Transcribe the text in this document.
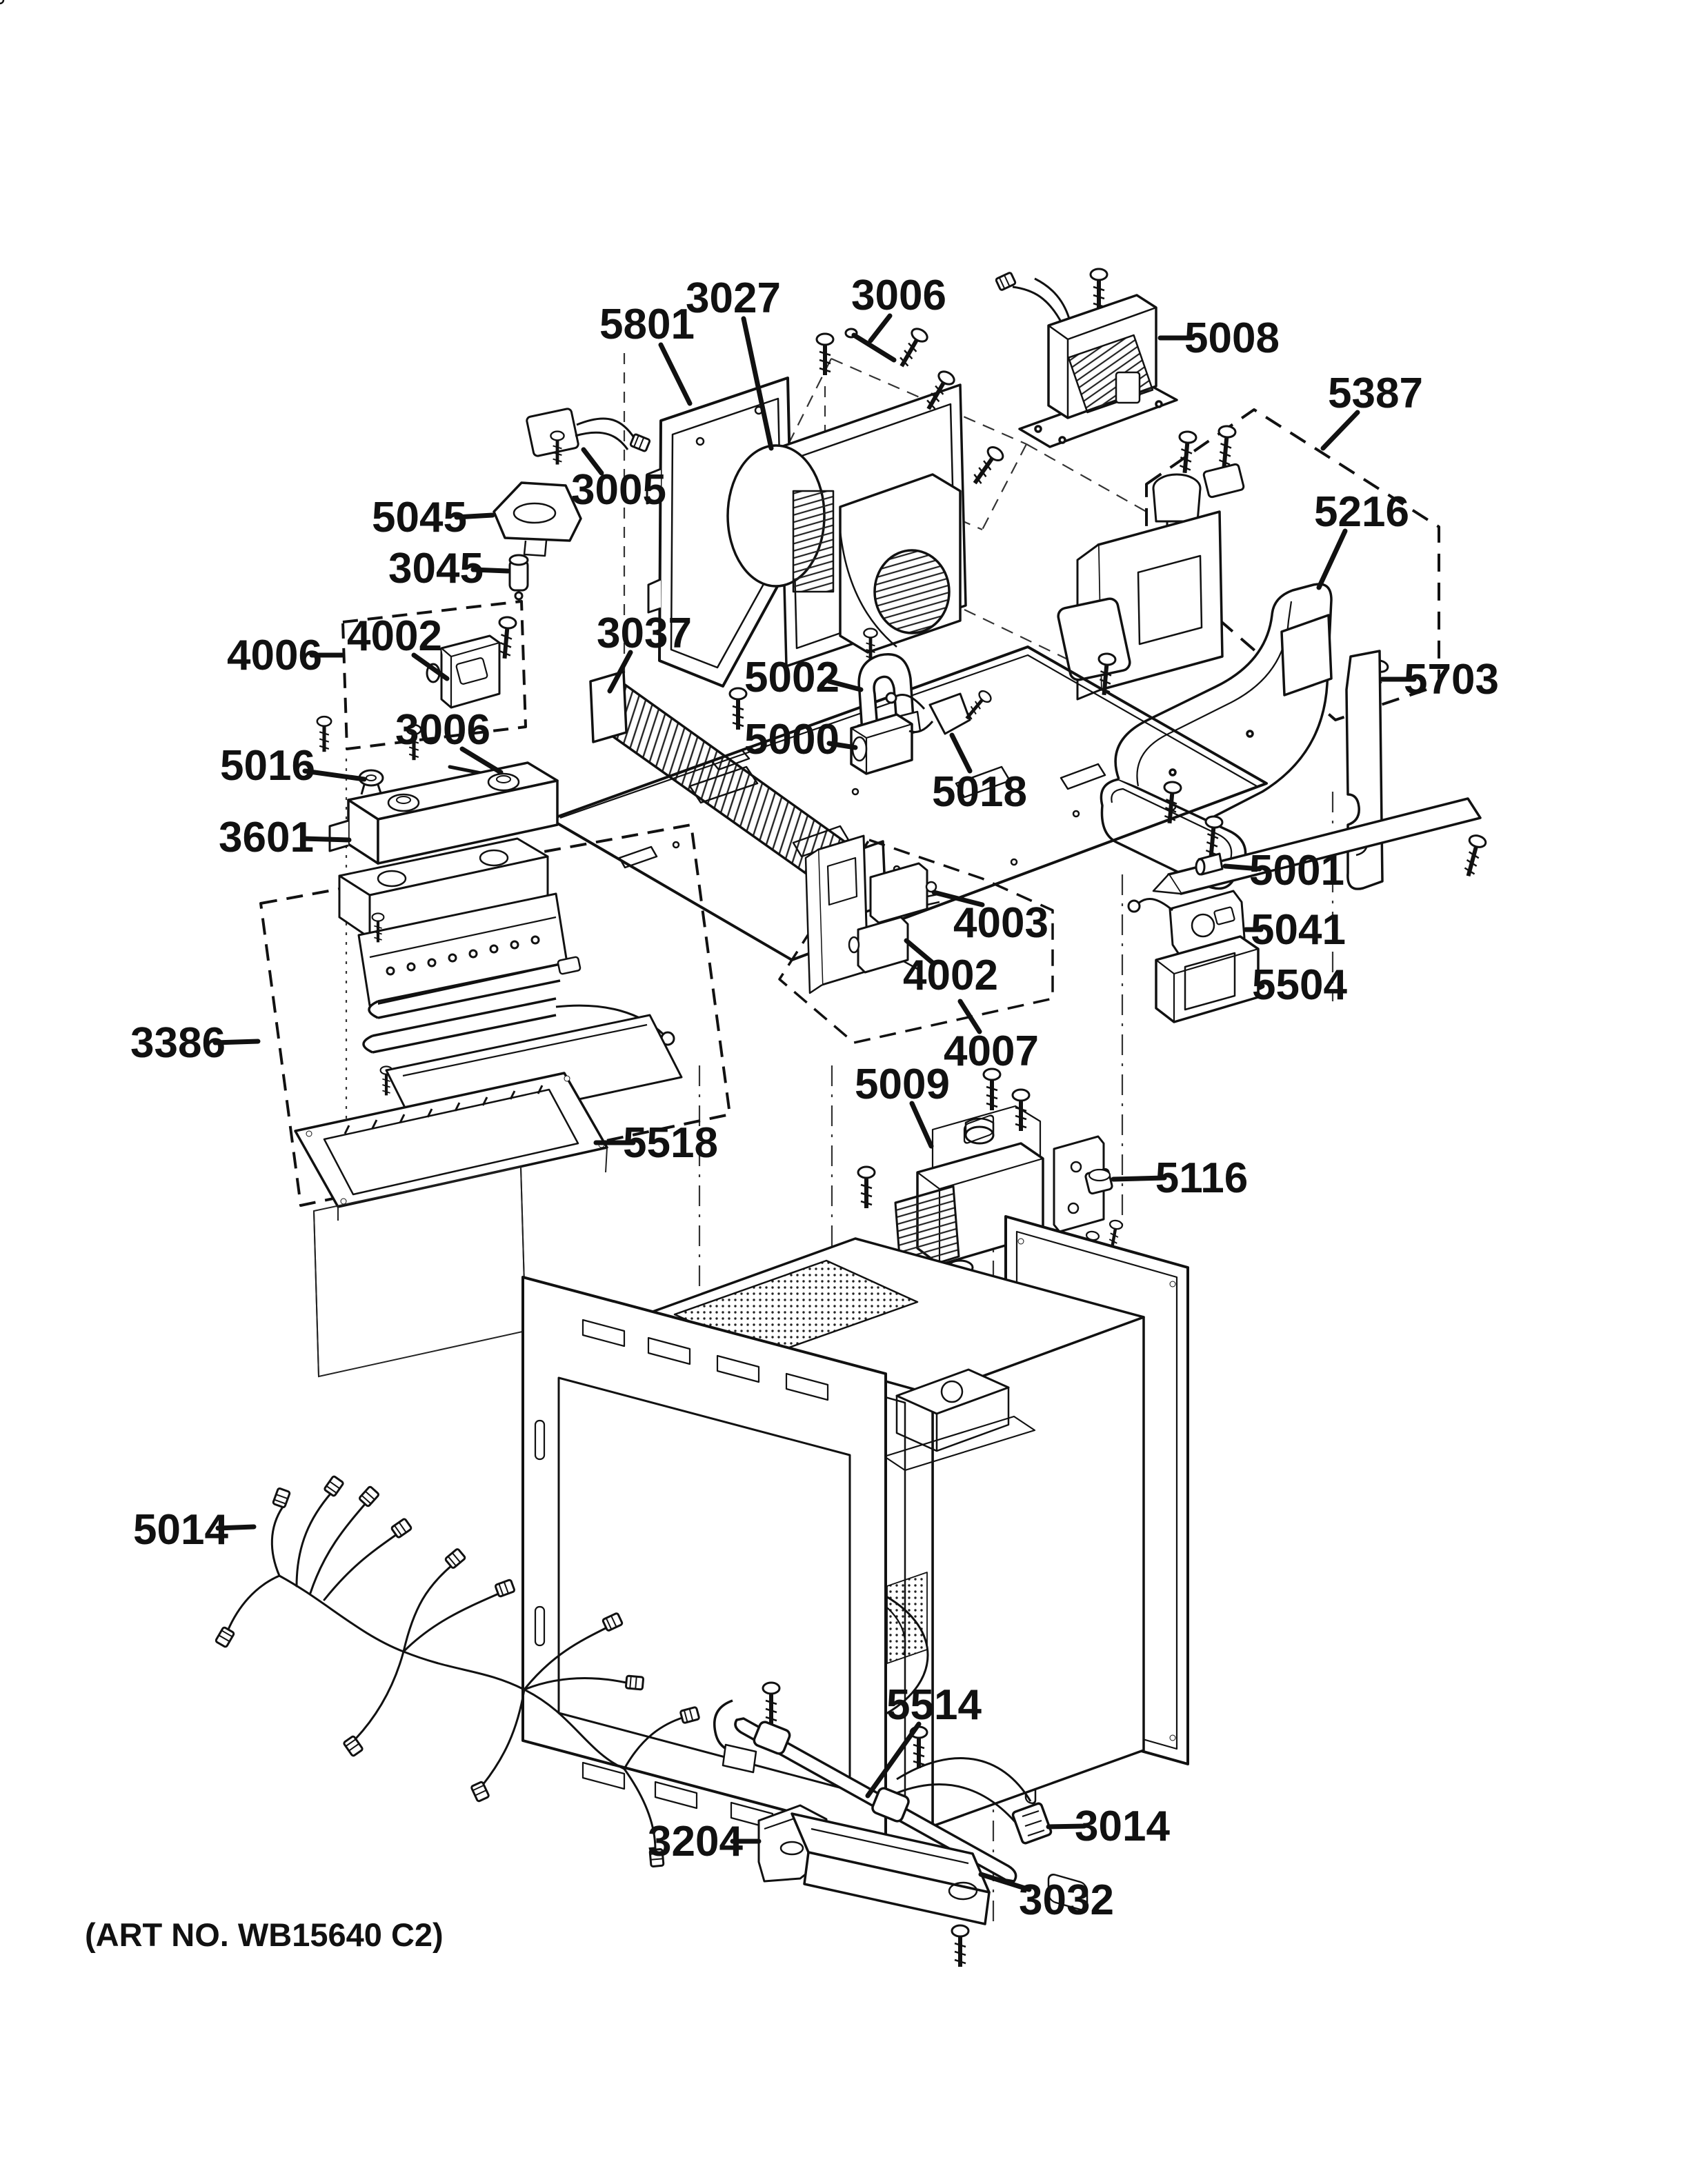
5801
3027 3006
5008
5387
3005
5045
3045
4006 4002	3037
5216
5002
5000
5018
5703
3006
5016
3601
5001
5041
5504
4003
4002
3386	4007
5518
5009
5116
5014
5514
3204	3014
3032
(ART NO. WB15640 C2)
